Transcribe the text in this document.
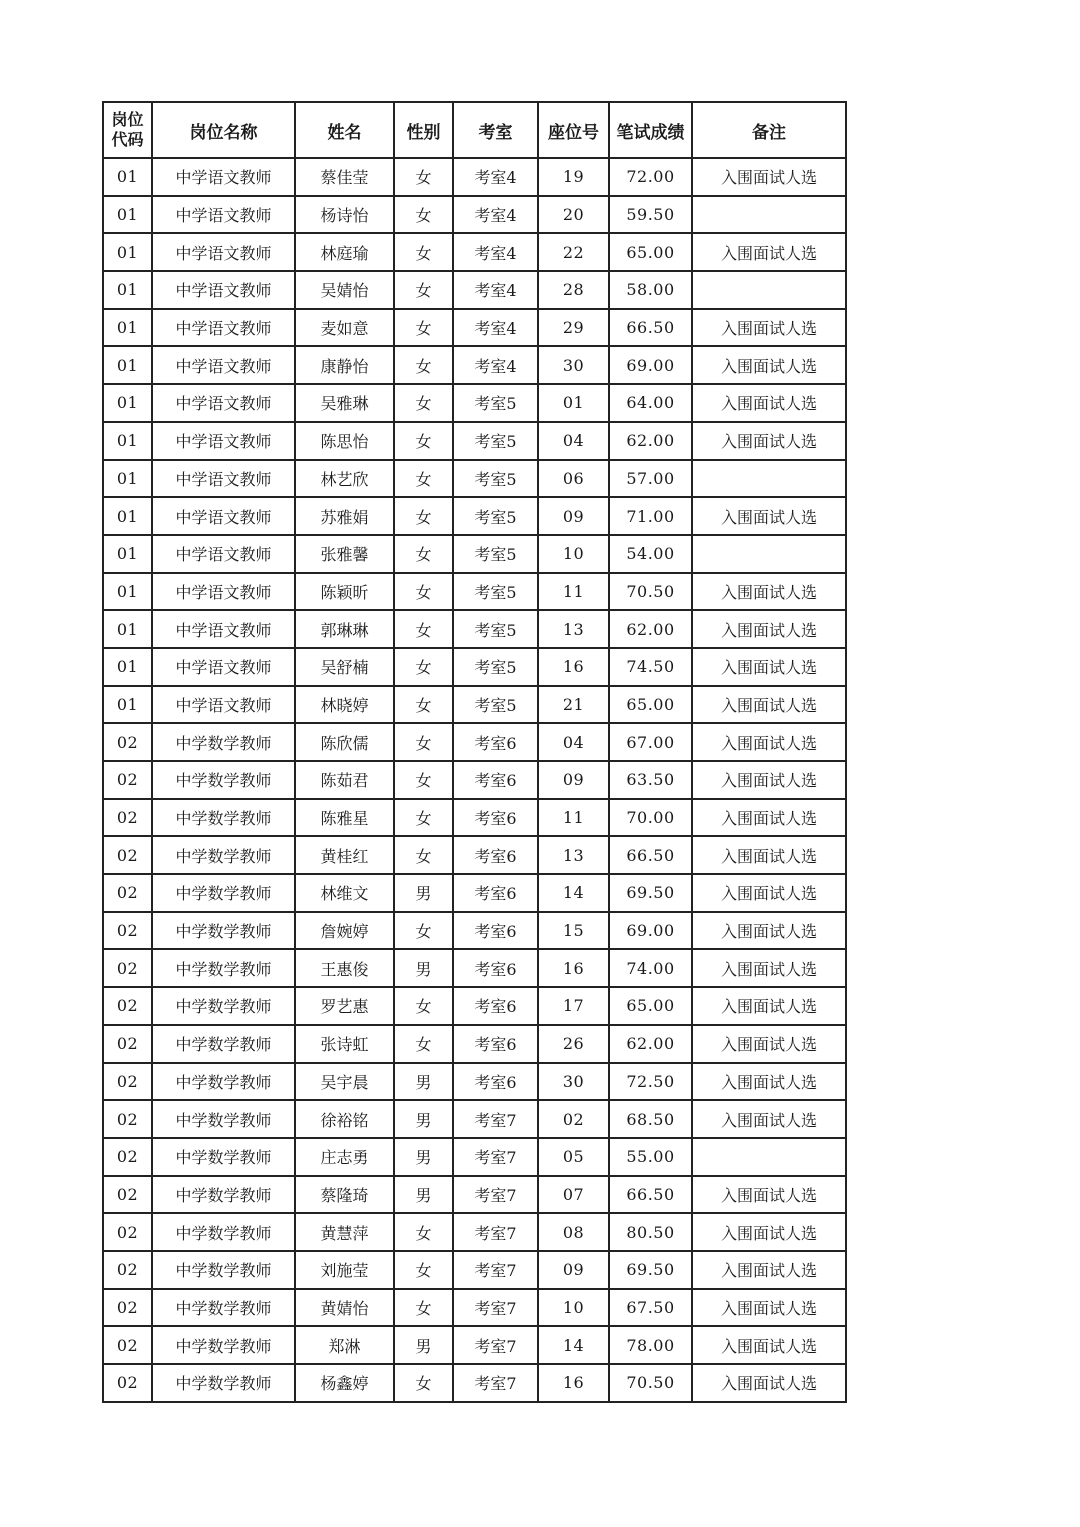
岗位代码	岗位名称	姓名	性别	考室	座位号	笔试成绩	备注
01	中学语文教师	蔡佳莹	女	考室4	19	72.00	入围面试人选
01	中学语文教师	杨诗怡	女	考室4	20	59.50	
01	中学语文教师	林庭瑜	女	考室4	22	65.00	入围面试人选
01	中学语文教师	吴婧怡	女	考室4	28	58.00	
01	中学语文教师	麦如意	女	考室4	29	66.50	入围面试人选
01	中学语文教师	康静怡	女	考室4	30	69.00	入围面试人选
01	中学语文教师	吴雅琳	女	考室5	01	64.00	入围面试人选
01	中学语文教师	陈思怡	女	考室5	04	62.00	入围面试人选
01	中学语文教师	林艺欣	女	考室5	06	57.00	
01	中学语文教师	苏雅娟	女	考室5	09	71.00	入围面试人选
01	中学语文教师	张雅馨	女	考室5	10	54.00	
01	中学语文教师	陈颖昕	女	考室5	11	70.50	入围面试人选
01	中学语文教师	郭琳琳	女	考室5	13	62.00	入围面试人选
01	中学语文教师	吴舒楠	女	考室5	16	74.50	入围面试人选
01	中学语文教师	林晓婷	女	考室5	21	65.00	入围面试人选
02	中学数学教师	陈欣儒	女	考室6	04	67.00	入围面试人选
02	中学数学教师	陈茹君	女	考室6	09	63.50	入围面试人选
02	中学数学教师	陈雅星	女	考室6	11	70.00	入围面试人选
02	中学数学教师	黄桂红	女	考室6	13	66.50	入围面试人选
02	中学数学教师	林维文	男	考室6	14	69.50	入围面试人选
02	中学数学教师	詹婉婷	女	考室6	15	69.00	入围面试人选
02	中学数学教师	王惠俊	男	考室6	16	74.00	入围面试人选
02	中学数学教师	罗艺惠	女	考室6	17	65.00	入围面试人选
02	中学数学教师	张诗虹	女	考室6	26	62.00	入围面试人选
02	中学数学教师	吴宇晨	男	考室6	30	72.50	入围面试人选
02	中学数学教师	徐裕铭	男	考室7	02	68.50	入围面试人选
02	中学数学教师	庄志勇	男	考室7	05	55.00	
02	中学数学教师	蔡隆琦	男	考室7	07	66.50	入围面试人选
02	中学数学教师	黄慧萍	女	考室7	08	80.50	入围面试人选
02	中学数学教师	刘施莹	女	考室7	09	69.50	入围面试人选
02	中学数学教师	黄婧怡	女	考室7	10	67.50	入围面试人选
02	中学数学教师	郑淋	男	考室7	14	78.00	入围面试人选
02	中学数学教师	杨鑫婷	女	考室7	16	70.50	入围面试人选
